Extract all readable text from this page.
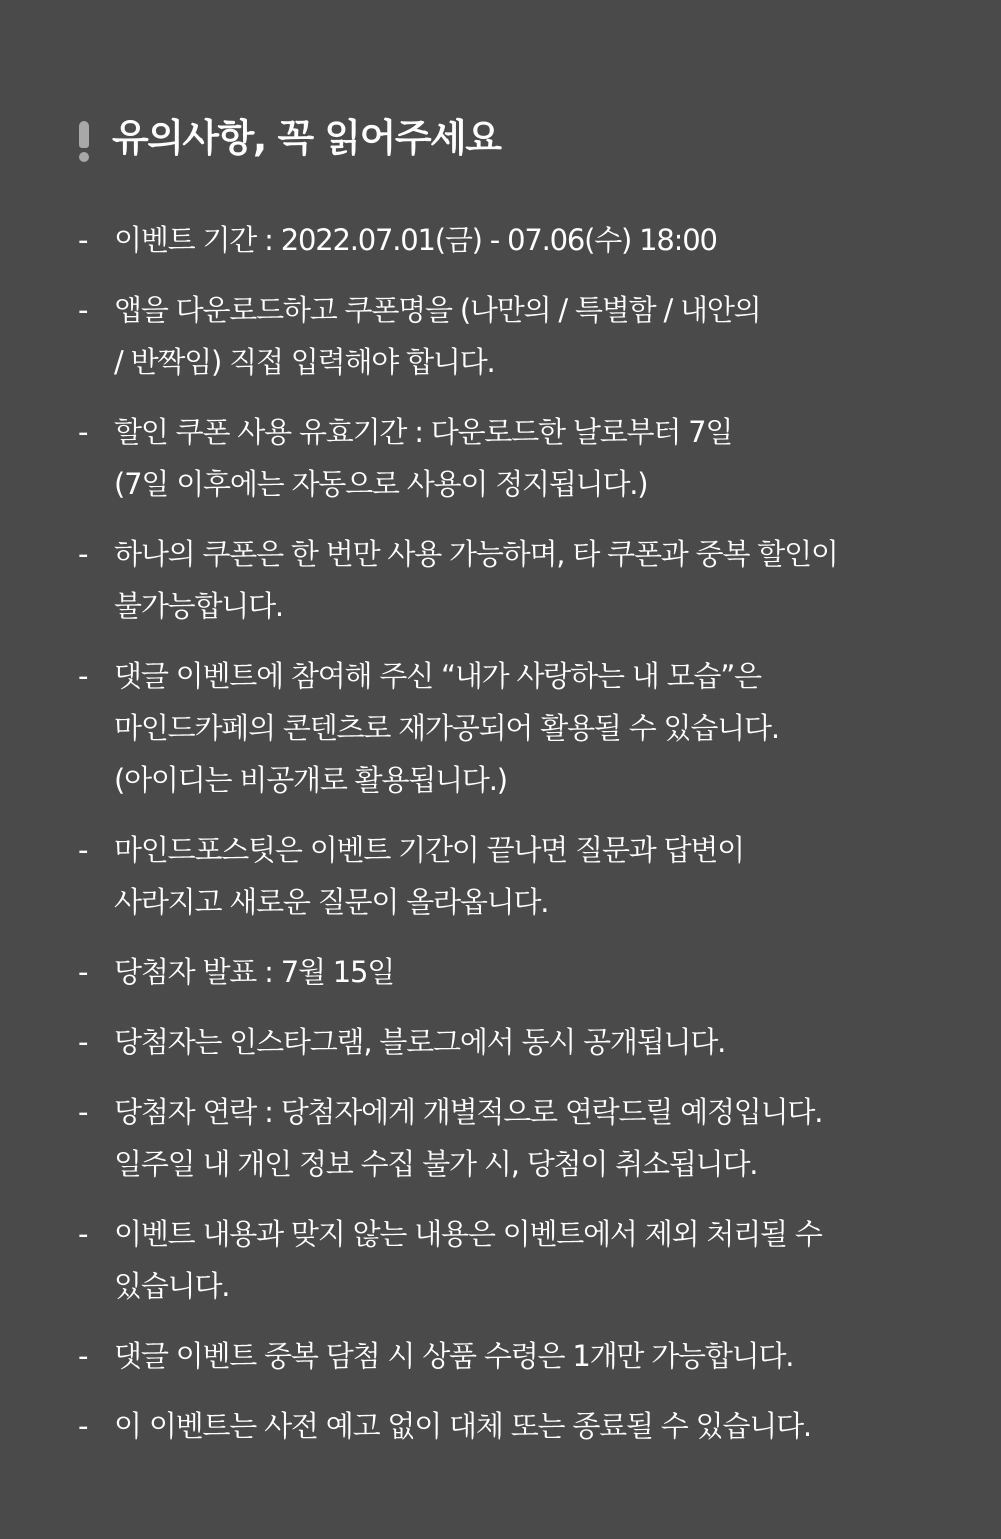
유의사항, 꼭 읽어주세요
- 이벤트 기간 : 2022.07.01(금) - 07.06(수) 18:00
- 앱을 다운로드하고 쿠폰명을 (나만의 / 특별함 / 내안의
/ 반짝임) 직접 입력해야 합니다.
- 할인 쿠폰 사용 유효기간 : 다운로드한 날로부터 7일
(7일 이후에는 자동으로 사용이 정지됩니다.)
- 하나의 쿠폰은 한 번만 사용 가능하며, 타 쿠폰과 중복 할인이
불가능합니다.
- 댓글 이벤트에 참여해 주신 “내가 사랑하는 내 모습”은
마인드카페의 콘텐츠로 재가공되어 활용될 수 있습니다.
(아이디는 비공개로 활용됩니다.)
- 마인드포스팃은 이벤트 기간이 끝나면 질문과 답변이
사라지고 새로운 질문이 올라옵니다.
- 당첨자 발표 : 7월 15일
- 당첨자는 인스타그램, 블로그에서 동시 공개됩니다.
- 당첨자 연락 : 당첨자에게 개별적으로 연락드릴 예정입니다.
일주일 내 개인 정보 수집 불가 시, 당첨이 취소됩니다.
- 이벤트 내용과 맞지 않는 내용은 이벤트에서 제외 처리될 수
있습니다.
- 댓글 이벤트 중복 담첨 시 상품 수령은 1개만 가능합니다.
- 이 이벤트는 사전 예고 없이 대체 또는 종료될 수 있습니다.
